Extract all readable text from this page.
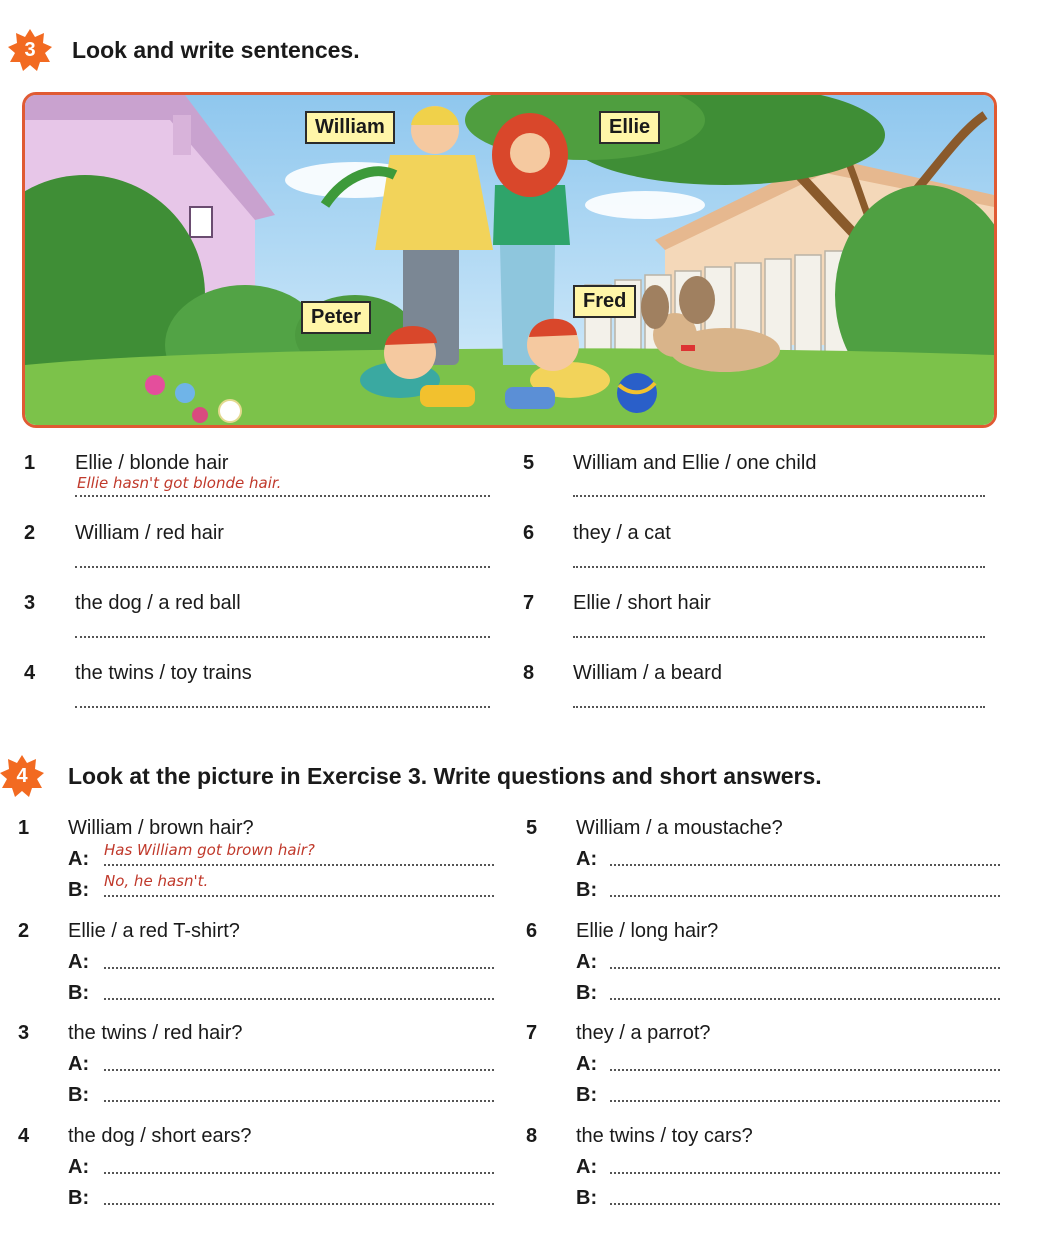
3	Look and write sentences.
William	Ellie
Peter
Fred
1 Ellie / blonde hair
Ellie hasn't got blonde hair.
2 William / red hair
3 the dog / a red ball
4 the twins / toy trains
5 William and Ellie / one child
6 they / a cat
7 Ellie / short hair
8 William / a beard
4	Look at the picture in Exercise 3. Write questions and short answers.
1 William / brown hair?
A: Has William got brown hair?
B: No, he hasn't.
2 Ellie / a red T-shirt?
A:
B:
3 the twins / red hair?
A:
B:
4 the dog / short ears?
A:
B:
5 William / a moustache?
A:
B:
6 Ellie / long hair?
A:
B:
7 they / a parrot?
A:
B:
8 the twins / toy cars?
A:
B:
